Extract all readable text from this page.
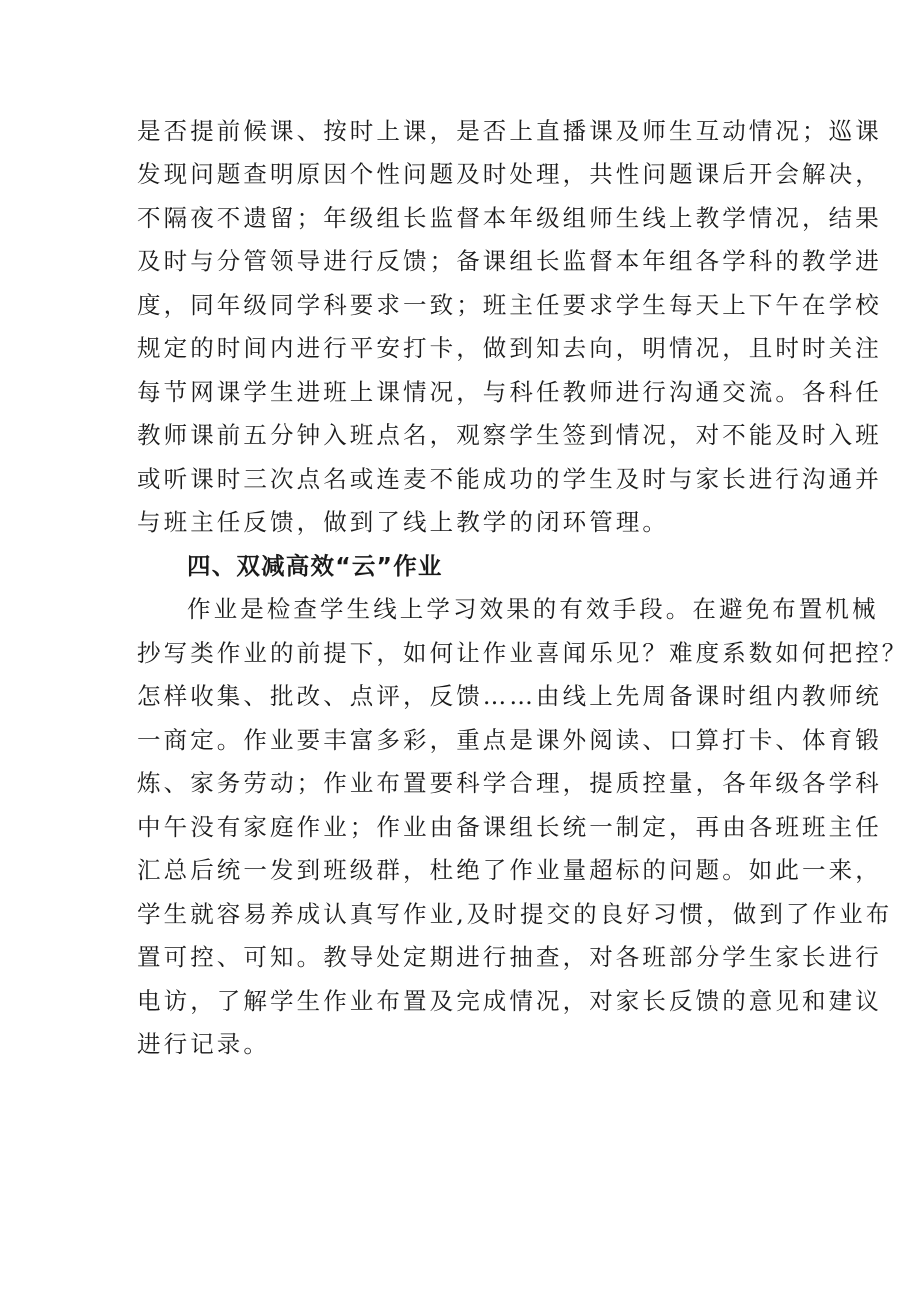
是否提前候课、按时上课，是否上直播课及师生互动情况；巡课
发现问题查明原因个性问题及时处理，共性问题课后开会解决，
不隔夜不遗留；年级组长监督本年级组师生线上教学情况，结果
及时与分管领导进行反馈；备课组长监督本年组各学科的教学进
度，同年级同学科要求一致；班主任要求学生每天上下午在学校
规定的时间内进行平安打卡，做到知去向，明情况，且时时关注
每节网课学生进班上课情况，与科任教师进行沟通交流。各科任
教师课前五分钟入班点名，观察学生签到情况，对不能及时入班
或听课时三次点名或连麦不能成功的学生及时与家长进行沟通并
与班主任反馈，做到了线上教学的闭环管理。
四、双减高效“云”作业
作业是检查学生线上学习效果的有效手段。在避免布置机械
抄写类作业的前提下，如何让作业喜闻乐见？难度系数如何把控？
怎样收集、批改、点评，反馈……由线上先周备课时组内教师统
一商定。作业要丰富多彩，重点是课外阅读、口算打卡、体育锻
炼、家务劳动；作业布置要科学合理，提质控量，各年级各学科
中午没有家庭作业；作业由备课组长统一制定，再由各班班主任
汇总后统一发到班级群，杜绝了作业量超标的问题。如此一来，
学生就容易养成认真写作业,及时提交的良好习惯，做到了作业布
置可控、可知。教导处定期进行抽查，对各班部分学生家长进行
电访，了解学生作业布置及完成情况，对家长反馈的意见和建议
进行记录。
